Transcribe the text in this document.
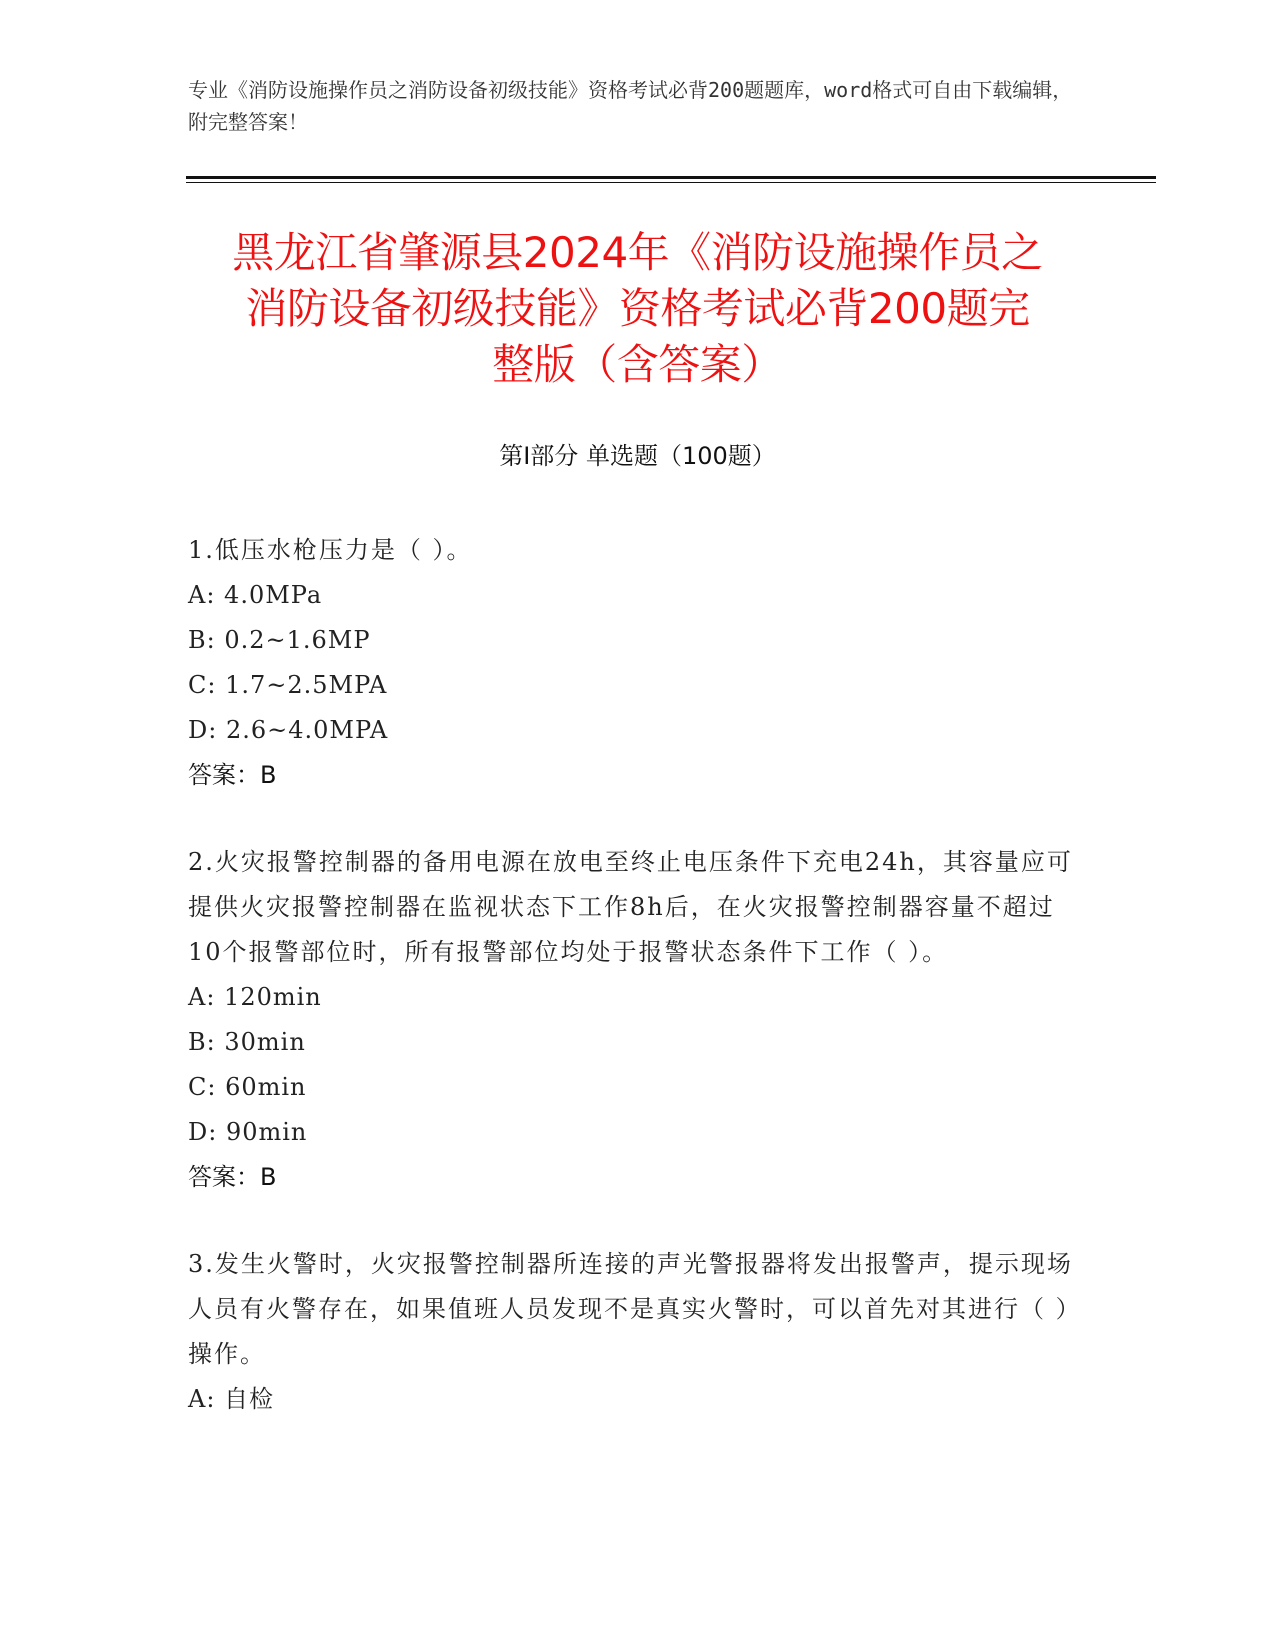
专业《消防设施操作员之消防设备初级技能》资格考试必背200题题库，word格式可自由下载编辑，附完整答案！
黑龙江省肇源县2024年《消防设施操作员之
消防设备初级技能》资格考试必背200题完
整版（含答案）
第Ⅰ部分 单选题（100题）
1.低压水枪压力是（ ）。
A: 4.0MPa
B: 0.2~1.6MP
C: 1.7~2.5MPA
D: 2.6~4.0MPA
答案：B
2.火灾报警控制器的备用电源在放电至终止电压条件下充电24h，其容量应可提供火灾报警控制器在监视状态下工作8h后，在火灾报警控制器容量不超过10个报警部位时，所有报警部位均处于报警状态条件下工作（ ）。
A: 120min
B: 30min
C: 60min
D: 90min
答案：B
3.发生火警时，火灾报警控制器所连接的声光警报器将发出报警声，提示现场人员有火警存在，如果值班人员发现不是真实火警时，可以首先对其进行（ ）操作。
A: 自检
